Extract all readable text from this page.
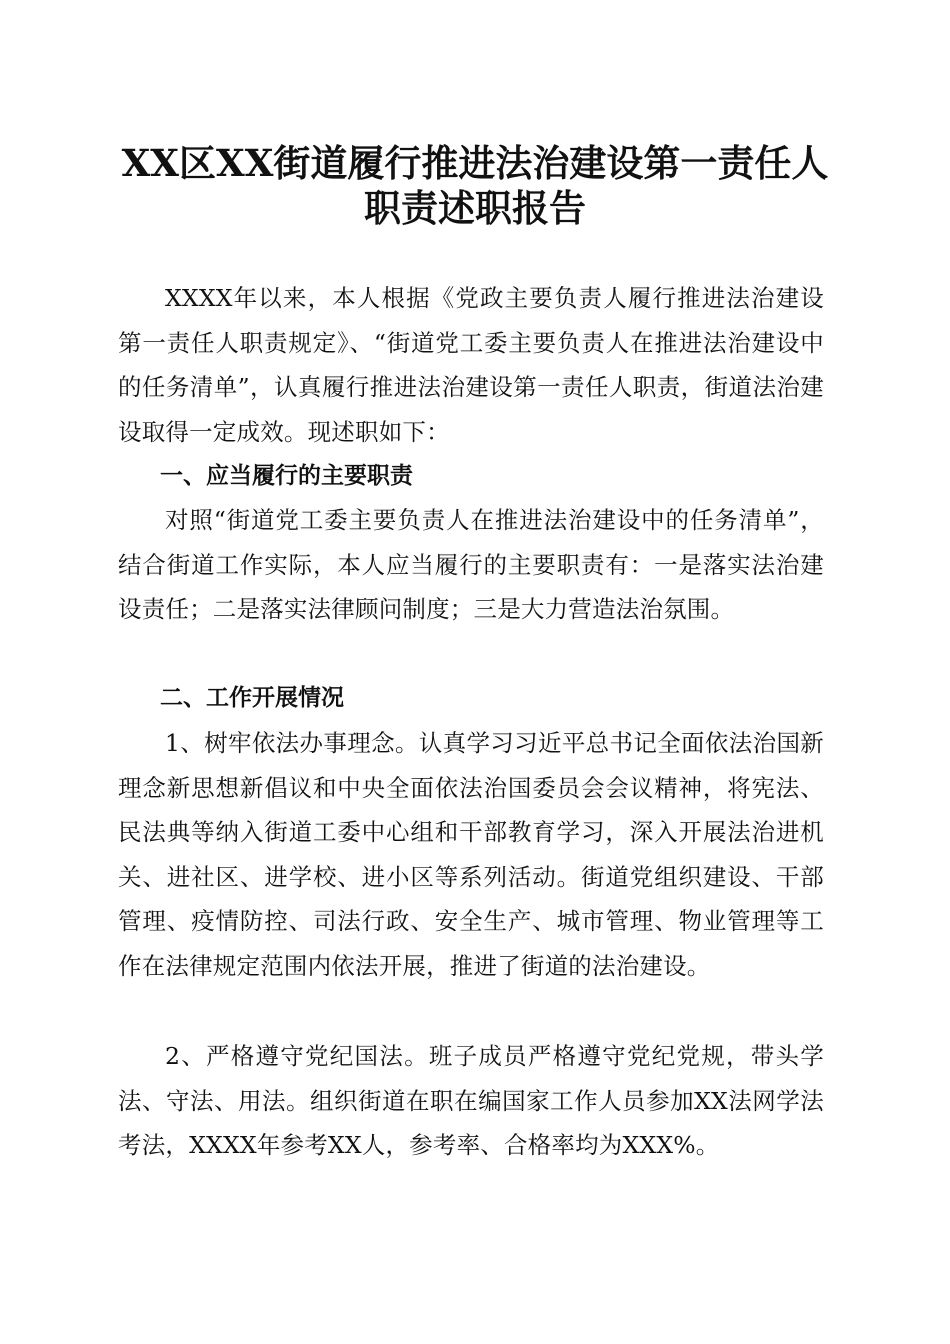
XX区XX街道履行推进法治建设第一责任人
职责述职报告

XXXX年以来，本人根据《党政主要负责人履行推进法治建设第一责任人职责规定》、“街道党工委主要负责人在推进法治建设中的任务清单”，认真履行推进法治建设第一责任人职责，街道法治建设取得一定成效。现述职如下：

一、应当履行的主要职责

对照“街道党工委主要负责人在推进法治建设中的任务清单”，结合街道工作实际，本人应当履行的主要职责有：一是落实法治建设责任；二是落实法律顾问制度；三是大力营造法治氛围。

二、工作开展情况

1、树牢依法办事理念。认真学习习近平总书记全面依法治国新理念新思想新倡议和中央全面依法治国委员会会议精神，将宪法、民法典等纳入街道工委中心组和干部教育学习，深入开展法治进机关、进社区、进学校、进小区等系列活动。街道党组织建设、干部管理、疫情防控、司法行政、安全生产、城市管理、物业管理等工作在法律规定范围内依法开展，推进了街道的法治建设。

2、严格遵守党纪国法。班子成员严格遵守党纪党规，带头学法、守法、用法。组织街道在职在编国家工作人员参加XX法网学法考法，XXXX年参考XX人，参考率、合格率均为XXX%。
